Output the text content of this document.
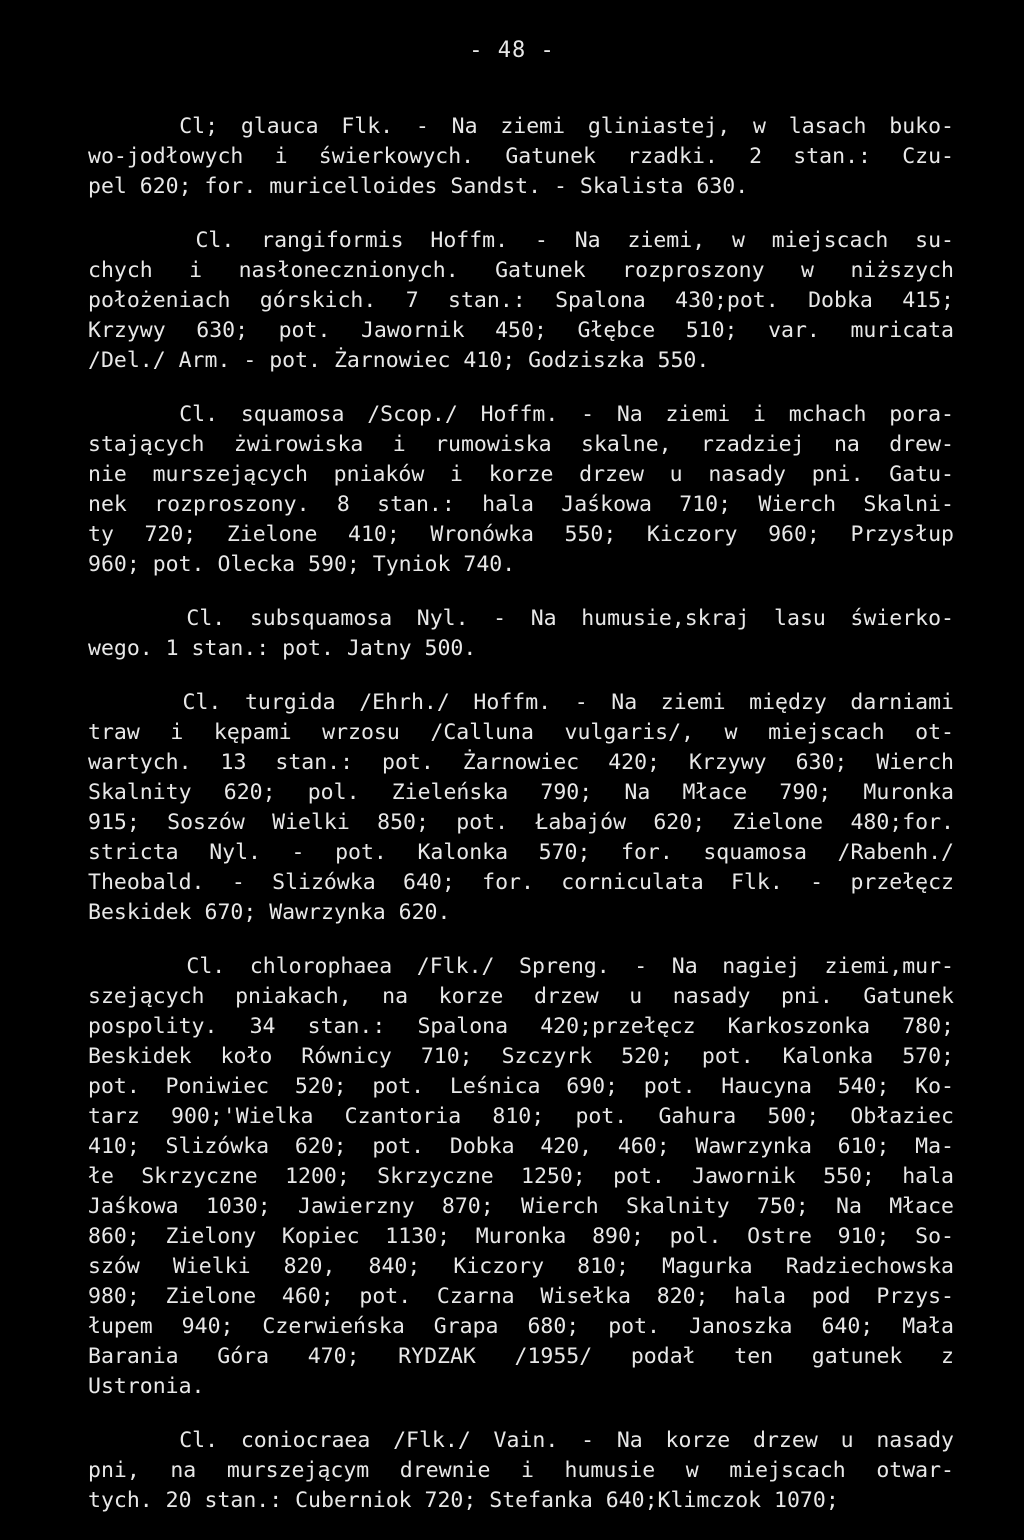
- 48 -
Cl; glauca Flk. - Na ziemi gliniastej, w lasach buko-
wo-jodłowych i świerkowych. Gatunek rzadki. 2 stan.: Czu-
pel 620; for. muricelloides Sandst. - Skalista 630.
Cl. rangiformis Hoffm. - Na ziemi, w miejscach su-
chych i nasłonecznionych. Gatunek rozproszony w niższych
położeniach górskich. 7 stan.: Spalona 430;pot. Dobka 415;
Krzywy 630; pot. Jawornik 450; Głębce 510; var. muricata
/Del./ Arm. - pot. Żarnowiec 410; Godziszka 550.
Cl. squamosa /Scop./ Hoffm. - Na ziemi i mchach pora-
stających żwirowiska i rumowiska skalne, rzadziej na drew-
nie murszejących pniaków i korze drzew u nasady pni. Gatu-
nek rozproszony. 8 stan.: hala Jaśkowa 710; Wierch Skalni-
ty 720; Zielone 410; Wronówka 550; Kiczory 960; Przysłup
960; pot. Olecka 590; Tyniok 740.
Cl. subsquamosa Nyl. - Na humusie,skraj lasu świerko-
wego. 1 stan.: pot. Jatny 500.
Cl. turgida /Ehrh./ Hoffm. - Na ziemi między darniami
traw i kępami wrzosu /Calluna vulgaris/, w miejscach ot-
wartych. 13 stan.: pot. Żarnowiec 420; Krzywy 630; Wierch
Skalnity 620; pol. Zieleńska 790; Na Młace 790; Muronka
915; Soszów Wielki 850; pot. Łabajów 620; Zielone 480;for.
stricta Nyl. - pot. Kalonka 570; for. squamosa /Rabenh./
Theobald. - Slizówka 640; for. corniculata Flk. - przełęcz
Beskidek 670; Wawrzynka 620.
Cl. chlorophaea /Flk./ Spreng. - Na nagiej ziemi,mur-
szejących pniakach, na korze drzew u nasady pni. Gatunek
pospolity. 34 stan.: Spalona 420;przełęcz Karkoszonka 780;
Beskidek koło Równicy 710; Szczyrk 520; pot. Kalonka 570;
pot. Poniwiec 520; pot. Leśnica 690; pot. Haucyna 540; Ko-
tarz 900;'Wielka Czantoria 810; pot. Gahura 500; Obłaziec
410; Slizówka 620; pot. Dobka 420, 460; Wawrzynka 610; Ma-
łe Skrzyczne 1200; Skrzyczne 1250; pot. Jawornik 550; hala
Jaśkowa 1030; Jawierzny 870; Wierch Skalnity 750; Na Młace
860; Zielony Kopiec 1130; Muronka 890; pol. Ostre 910; So-
szów Wielki 820, 840; Kiczory 810; Magurka Radziechowska
980; Zielone 460; pot. Czarna Wisełka 820; hala pod Przys-
łupem 940; Czerwieńska Grapa 680; pot. Janoszka 640; Mała
Barania Góra 470; RYDZAK /1955/ podał ten gatunek z
Ustronia.
Cl. coniocraea /Flk./ Vain. - Na korze drzew u nasady
pni, na murszejącym drewnie i humusie w miejscach otwar-
tych. 20 stan.: Cuberniok 720; Stefanka 640;Klimczok 1070;
